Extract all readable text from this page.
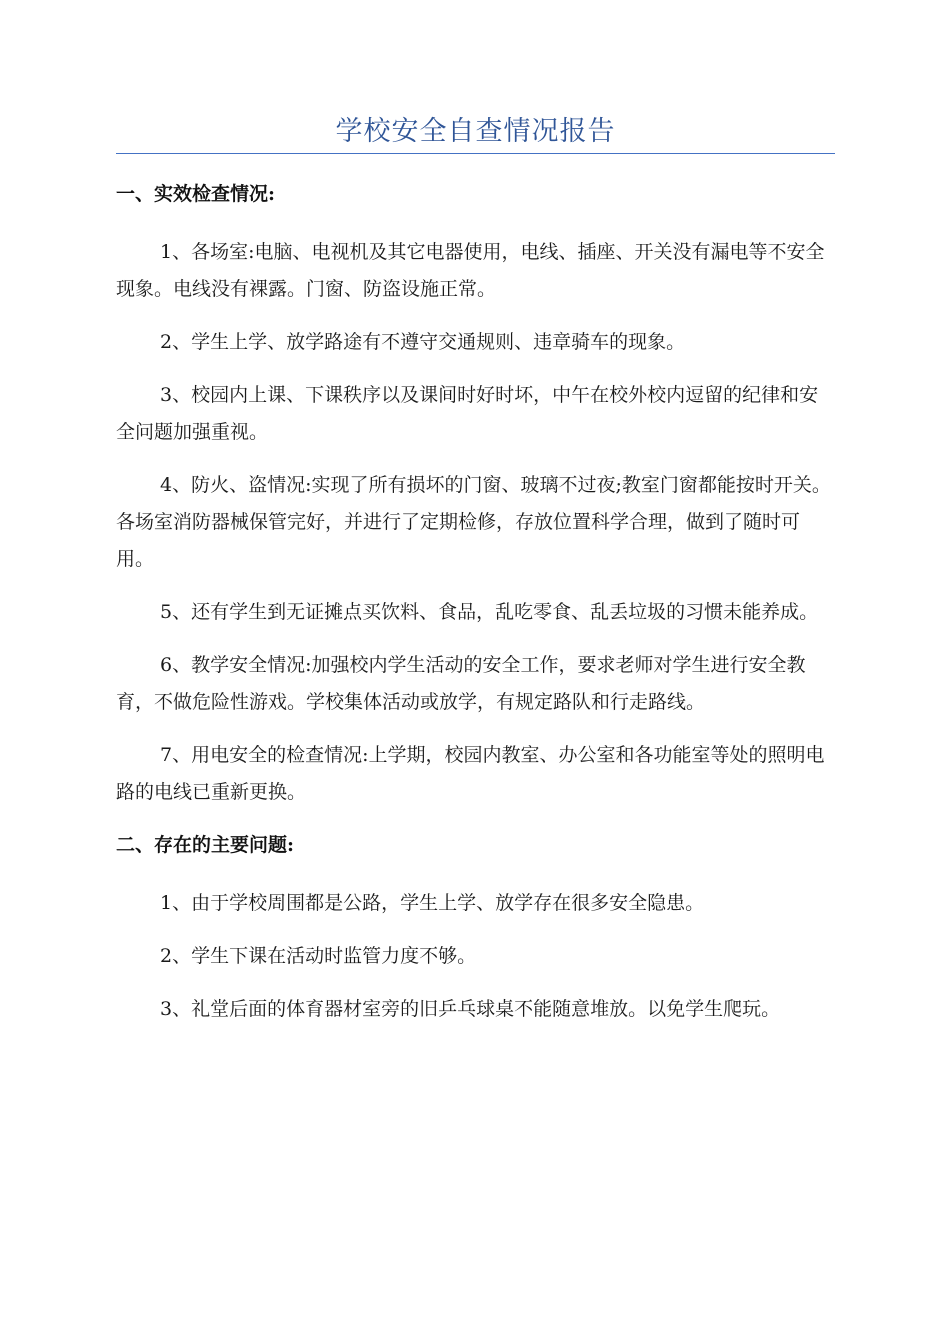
学校安全自查情况报告
一、实效检查情况:

1、各场室:电脑、电视机及其它电器使用，电线、插座、开关没有漏电等不安全现象。电线没有裸露。门窗、防盗设施正常。

2、学生上学、放学路途有不遵守交通规则、违章骑车的现象。

3、校园内上课、下课秩序以及课间时好时坏，中午在校外校内逗留的纪律和安全问题加强重视。

4、防火、盗情况:实现了所有损坏的门窗、玻璃不过夜;教室门窗都能按时开关。各场室消防器械保管完好，并进行了定期检修，存放位置科学合理，做到了随时可用。

5、还有学生到无证摊点买饮料、食品，乱吃零食、乱丢垃圾的习惯未能养成。

6、教学安全情况:加强校内学生活动的安全工作，要求老师对学生进行安全教育，不做危险性游戏。学校集体活动或放学，有规定路队和行走路线。

7、用电安全的检查情况:上学期，校园内教室、办公室和各功能室等处的照明电路的电线已重新更换。

二、存在的主要问题:

1、由于学校周围都是公路，学生上学、放学存在很多安全隐患。

2、学生下课在活动时监管力度不够。

3、礼堂后面的体育器材室旁的旧乒乓球桌不能随意堆放。以免学生爬玩。
